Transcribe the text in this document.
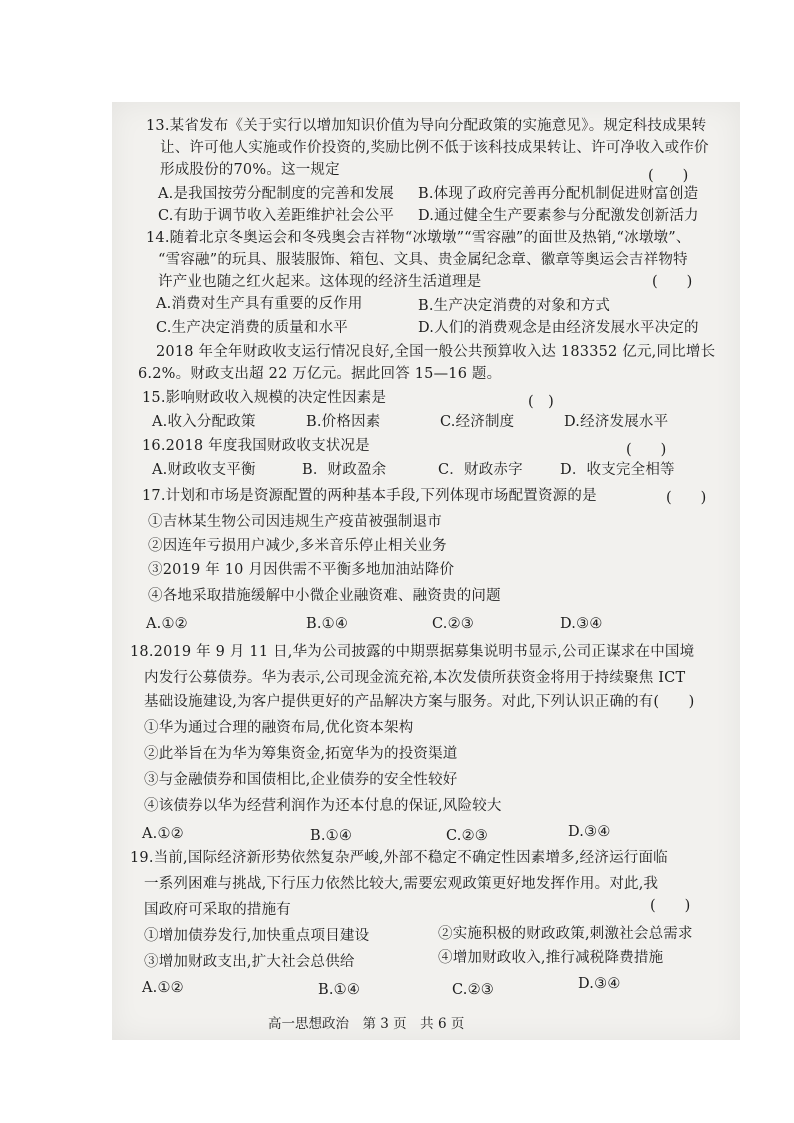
13.某省发布《关于实行以增加知识价值为导向分配政策的实施意见》。规定科技成果转
让、许可他人实施或作价投资的,奖励比例不低于该科技成果转让、许可净收入或作价
形成股份的70%。这一规定	(　　)
A.是我国按劳分配制度的完善和发展 B.体现了政府完善再分配机制促进财富创造
C.有助于调节收入差距维护社会公平 D.通过健全生产要素参与分配激发创新活力
14.随着北京冬奥运会和冬残奥会吉祥物“冰墩墩”“雪容融”的面世及热销,“冰墩墩”、
“雪容融”的玩具、服装服饰、箱包、文具、贵金属纪念章、徽章等奥运会吉祥物特
许产业也随之红火起来。这体现的经济生活道理是	(　　)
A.消费对生产具有重要的反作用	B.生产决定消费的对象和方式
C.生产决定消费的质量和水平	D.人们的消费观念是由经济发展水平决定的
2018 年全年财政收支运行情况良好,全国一般公共预算收入达 183352 亿元,同比增长
6.2%。财政支出超 22 万亿元。据此回答 15—16 题。
15.影响财政收入规模的决定性因素是	(　)
A.收入分配政策	B.价格因素	C.经济制度	D.经济发展水平
16.2018 年度我国财政收支状况是	(　　)
A.财政收支平衡	B．财政盈余	C．财政赤字	D．收支完全相等
17.计划和市场是资源配置的两种基本手段,下列体现市场配置资源的是	(　　)
①吉林某生物公司因违规生产疫苗被强制退市
②因连年亏损用户减少,多米音乐停止相关业务
③2019 年 10 月因供需不平衡多地加油站降价
④各地采取措施缓解中小微企业融资难、融资贵的问题
A.①②	B.①④	C.②③	D.③④
18.2019 年 9 月 11 日,华为公司披露的中期票据募集说明书显示,公司正谋求在中国境
内发行公募债券。华为表示,公司现金流充裕,本次发债所获资金将用于持续聚焦 ICT
基础设施建设,为客户提供更好的产品解决方案与服务。对此,下列认识正确的有(　　)
①华为通过合理的融资布局,优化资本架构
②此举旨在为华为筹集资金,拓宽华为的投资渠道
③与金融债券和国债相比,企业债券的安全性较好
④该债券以华为经营利润作为还本付息的保证,风险较大
A.①②	B.①④	C.②③	D.③④
19.当前,国际经济新形势依然复杂严峻,外部不稳定不确定性因素增多,经济运行面临
一系列困难与挑战,下行压力依然比较大,需要宏观政策更好地发挥作用。对此,我
国政府可采取的措施有	(　　)
①增加债券发行,加快重点项目建设	②实施积极的财政政策,刺激社会总需求
③增加财政支出,扩大社会总供给	④增加财政收入,推行减税降费措施
A.①②	B.①④	C.②③	D.③④
高一思想政治　第 3 页　共 6 页
